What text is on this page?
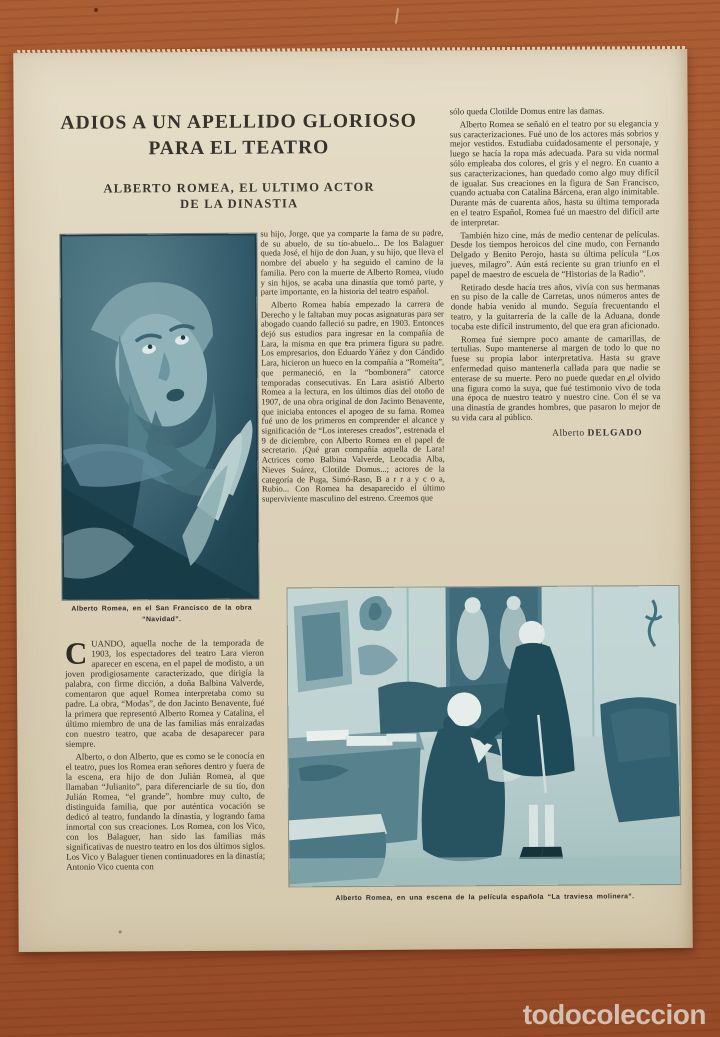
ADIOS A UN APELLIDO GLORIOSO
PARA EL TEATRO
ALBERTO ROMEA, EL ULTIMO ACTOR
DE LA DINASTIA

sólo queda Clotilde Domus entre las damas.

Alberto Romea se señaló en el teatro por su elegancia y sus caracterizaciones. Fué uno de los actores más sobrios y mejor vestidos. Estudiaba cuidadosamente el personaje, y luego se hacía la ropa más adecuada. Para su vida normal sólo empleaba dos colores, el gris y el negro. En cuanto a sus caracterizaciones, han quedado como algo muy difícil de igualar. Sus creaciones en la figura de San Francisco, cuando actuaba con Catalina Bárcena, eran algo inimitable. Durante más de cuarenta años, hasta su última temporada en el teatro Español, Romea fué un maestro del difícil arte de interpretar.

También hizo cine, más de medio centenar de películas. Desde los tiempos heroicos del cine mudo, con Fernando Delgado y Benito Perojo, hasta su última película “Los jueves, milagro”. Aún está reciente su gran triunfo en el papel de maestro de escuela de “Historias de la Radio”.

Retirado desde hacía tres años, vivía con sus hermanas en su piso de la calle de Carretas, unos números antes de donde había venido al mundo. Seguía frecuentando el teatro, y la guitarrería de la calle de la Aduana, donde tocaba este difícil instrumento, del que era gran aficionado.

Romea fué siempre poco amante de camarillas, de tertulias. Supo mantenerse al margen de todo lo que no fuese su propia labor interpretativa. Hasta su grave enfermedad quiso mantenerla callada para que nadie se enterase de su muerte. Pero no puede quedar en el olvido una figura como la suya, que fué testimonio vivo de toda una época de nuestro teatro y nuestro cine. Con él se va una dinastía de grandes hombres, que pasaron lo mejor de su vida cara al público.

Alberto DELGADO

su hijo, Jorge, que ya comparte la fama de su padre, de su abuelo, de su tío-abuelo... De los Balaguer queda José, el hijo de don Juan, y su hijo, que lleva el nombre del abuelo y ha seguido el camino de la familia. Pero con la muerte de Alberto Romea, viudo y sin hijos, se acaba una dinastía que tomó parte, y parte importante, en la historia del teatro español.

Alberto Romea había empezado la carrera de Derecho y le faltaban muy pocas asignaturas para ser abogado cuando falleció su padre, en 1903. Entonces dejó sus estudios para ingresar en la compañía de Lara, la misma en que era primera figura su padre. Los empresarios, don Eduardo Yáñez y don Cándido Lara, hicieron un hueco en la compañía a “Romeíta”, que permaneció, en la “bombonera” catorce temporadas consecutivas. En Lara asistió Alberto Romea a la lectura, en los últimos días del otoño de 1907, de una obra original de don Jacinto Benavente, que iniciaba entonces el apogeo de su fama. Romea fué uno de los primeros en comprender el alcance y significación de “Los intereses creados”, estrenada el 9 de diciembre, con Alberto Romea en el papel de secretario. ¡Qué gran compañía aquella de Lara! Actrices como Balbina Valverde, Leocadia Alba, Nieves Suárez, Clotilde Domus...; actores de la categoría de Puga, Simó-Raso, B a r r a y c o a, Rubio... Con Romea ha desaparecido el último superviviente masculino del estreno. Creemos que

Alberto Romea, en el San Francisco de la obra “Navidad”.

CUANDO, aquella noche de la temporada de 1903, los espectadores del teatro Lara vieron aparecer en escena, en el papel de modisto, a un joven prodigiosamente caracterizado, que dirigía la palabra, con firme dicción, a doña Balbina Valverde, comentaron que aquel Romea interpretaba como su padre. La obra, “Modas”, de don Jacinto Benavente, fué la primera que representó Alberto Romea y Catalina, el último miembro de una de las familias más enraizadas con nuestro teatro, que acaba de desaparecer para siempre.

Alberto, o don Alberto, que es como se le conocía en el teatro, pues los Romea eran señores dentro y fuera de la escena, era hijo de don Julián Romea, al que llamaban “Julianito”, para diferenciarle de su tío, don Julián Romea, “el grande”, hombre muy culto, de distinguida familia, que por auténtica vocación se dedicó al teatro, fundando la dinastía, y logrando fama inmortal con sus creaciones. Los Romea, con los Vico, con los Balaguer, han sido las familias más significativas de nuestro teatro en los dos últimos siglos. Los Vico y Balaguer tienen continuadores en la dinastía; Antonio Vico cuenta con

Alberto Romea, en una escena de la película española “La traviesa molinera”.
todocoleccion
